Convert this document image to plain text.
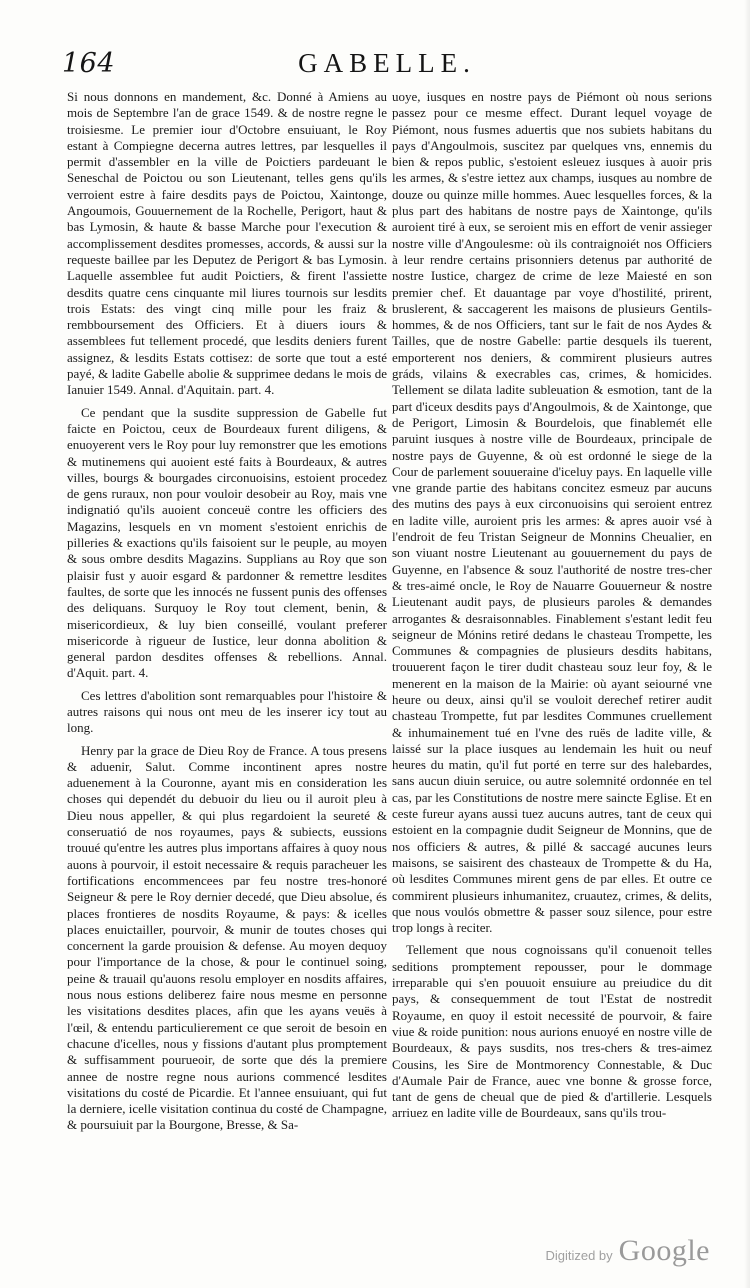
164	GABELLE.

Si nous donnons en mandement, &c. Donné à Amiens au mois de Septembre l'an de grace 1549. & de nostre regne le troisiesme. Le premier iour d'Octobre ensuiuant, le Roy estant à Compiegne decerna autres lettres, par lesquelles il permit d'assembler en la ville de Poictiers pardeuant le Seneschal de Poictou ou son Lieutenant, telles gens qu'ils verroient estre à faire desdits pays de Poictou, Xaintonge, Angoumois, Gouuernement de la Rochelle, Perigort, haut & bas Lymosin, & haute & basse Marche pour l'execution & accomplissement desdites promesses, accords, & aussi sur la requeste baillee par les Deputez de Perigort & bas Lymosin. Laquelle assemblee fut audit Poictiers, & firent l'assiette desdits quatre cens cinquante mil liures tournois sur lesdits trois Estats: des vingt cinq mille pour les fraiz & rembboursement des Officiers. Et à diuers iours & assemblees fut tellement procedé, que lesdits deniers furent assignez, & lesdits Estats cottisez: de sorte que tout a esté payé, & ladite Gabelle abolie & supprimee dedans le mois de Ianuier 1549. Annal. d'Aquitain. part. 4.

Ce pendant que la susdite suppression de Gabelle fut faicte en Poictou, ceux de Bourdeaux furent diligens, & enuoyerent vers le Roy pour luy remonstrer que les emotions & mutinemens qui auoient esté faits à Bourdeaux, & autres villes, bourgs & bourgades circonuoisins, estoient procedez de gens ruraux, non pour vouloir desobeir au Roy, mais vne indignatió qu'ils auoient conceuë contre les officiers des Magazins, lesquels en vn moment s'estoient enrichis de pilleries & exactions qu'ils faisoient sur le peuple, au moyen & sous ombre desdits Magazins. Supplians au Roy que son plaisir fust y auoir esgard & pardonner & remettre lesdites faultes, de sorte que les innocés ne fussent punis des offenses des deliquans. Surquoy le Roy tout clement, benin, & misericordieux, & luy bien conseillé, voulant preferer misericorde à rigueur de Iustice, leur donna abolition & general pardon desdites offenses & rebellions. Annal. d'Aquit. part. 4.

Ces lettres d'abolition sont remarquables pour l'histoire & autres raisons qui nous ont meu de les inserer icy tout au long.

Henry par la grace de Dieu Roy de France. A tous presens & aduenir, Salut. Comme incontinent apres nostre aduenement à la Couronne, ayant mis en consideration les choses qui dependét du debuoir du lieu ou il auroit pleu à Dieu nous appeller, & qui plus regardoient la seureté & conseruatió de nos royaumes, pays & subiects, eussions trouué qu'entre les autres plus importans affaires à quoy nous auons à pourvoir, il estoit necessaire & requis paracheuer les fortifications encommencees par feu nostre tres-honoré Seigneur & pere le Roy dernier decedé, que Dieu absolue, és places frontieres de nosdits Royaume, & pays: & icelles places enuictailler, pourvoir, & munir de toutes choses qui concernent la garde prouision & defense. Au moyen dequoy pour l'importance de la chose, & pour le continuel soing, peine & trauail qu'auons resolu employer en nosdits affaires, nous nous estions deliberez faire nous mesme en personne les visitations desdites places, afin que les ayans veuës à l'œil, & entendu particulierement ce que seroit de besoin en chacune d'icelles, nous y fissions d'autant plus promptement & suffisamment pourueoir, de sorte que dés la premiere annee de nostre regne nous aurions commencé lesdites visitations du costé de Picardie. Et l'annee ensuiuant, qui fut la derniere, icelle visitation continua du costé de Champagne, & poursuiuit par la Bourgone, Bresse, & Sa-

uoye, iusques en nostre pays de Piémont où nous serions passez pour ce mesme effect. Durant lequel voyage de Piémont, nous fusmes aduertis que nos subiets habitans du pays d'Angoulmois, suscitez par quelques vns, ennemis du bien & repos public, s'estoient esleuez iusques à auoir pris les armes, & s'estre iettez aux champs, iusques au nombre de douze ou quinze mille hommes. Auec lesquelles forces, & la plus part des habitans de nostre pays de Xaintonge, qu'ils auroient tiré à eux, se seroient mis en effort de venir assieger nostre ville d'Angoulesme: où ils contraignoiét nos Officiers à leur rendre certains prisonniers detenus par authorité de nostre Iustice, chargez de crime de leze Maiesté en son premier chef. Et dauantage par voye d'hostilité, prirent, bruslerent, & saccagerent les maisons de plusieurs Gentils-hommes, & de nos Officiers, tant sur le fait de nos Aydes & Tailles, que de nostre Gabelle: partie desquels ils tuerent, emporterent nos deniers, & commirent plusieurs autres gráds, vilains & execrables cas, crimes, & homicides. Tellement se dilata ladite subleuation & esmotion, tant de la part d'iceux desdits pays d'Angoulmois, & de Xaintonge, que de Perigort, Limosin & Bourdelois, que finablemét elle paruint iusques à nostre ville de Bourdeaux, principale de nostre pays de Guyenne, & où est ordonné le siege de la Cour de parlement souueraine d'iceluy pays. En laquelle ville vne grande partie des habitans concitez esmeuz par aucuns des mutins des pays à eux circonuoisins qui seroient entrez en ladite ville, auroient pris les armes: & apres auoir vsé à l'endroit de feu Tristan Seigneur de Monnins Cheualier, en son viuant nostre Lieutenant au gouuernement du pays de Guyenne, en l'absence & souz l'authorité de nostre tres-cher & tres-aimé oncle, le Roy de Nauarre Gouuerneur & nostre Lieutenant audit pays, de plusieurs paroles & demandes arrogantes & desraisonnables. Finablement s'estant ledit feu seigneur de Mónins retiré dedans le chasteau Trompette, les Communes & compagnies de plusieurs desdits habitans, trouuerent façon le tirer dudit chasteau souz leur foy, & le menerent en la maison de la Mairie: où ayant seiourné vne heure ou deux, ainsi qu'il se vouloit derechef retirer audit chasteau Trompette, fut par lesdites Communes cruellement & inhumainement tué en l'vne des ruës de ladite ville, & laissé sur la place iusques au lendemain les huit ou neuf heures du matin, qu'il fut porté en terre sur des halebardes, sans aucun diuin seruice, ou autre solemnité ordonnée en tel cas, par les Constitutions de nostre mere saincte Eglise. Et en ceste fureur ayans aussi tuez aucuns autres, tant de ceux qui estoient en la compagnie dudit Seigneur de Monnins, que de nos officiers & autres, & pillé & saccagé aucunes leurs maisons, se saisirent des chasteaux de Trompette & du Ha, où lesdites Communes mirent gens de par elles. Et outre ce commirent plusieurs inhumanitez, cruautez, crimes, & delits, que nous voulós obmettre & passer souz silence, pour estre trop longs à reciter.

Tellement que nous cognoissans qu'il conuenoit telles seditions promptement repousser, pour le dommage irreparable qui s'en pouuoit ensuiure au preiudice du dit pays, & consequemment de tout l'Estat de nostredit Royaume, en quoy il estoit necessité de pourvoir, & faire viue & roide punition: nous aurions enuoyé en nostre ville de Bourdeaux, & pays susdits, nos tres-chers & tres-aimez Cousins, les Sire de Montmorency Connestable, & Duc d'Aumale Pair de France, auec vne bonne & grosse force, tant de gens de cheual que de pied & d'artillerie. Lesquels arriuez en ladite ville de Bourdeaux, sans qu'ils trou-

Digitized by Google
